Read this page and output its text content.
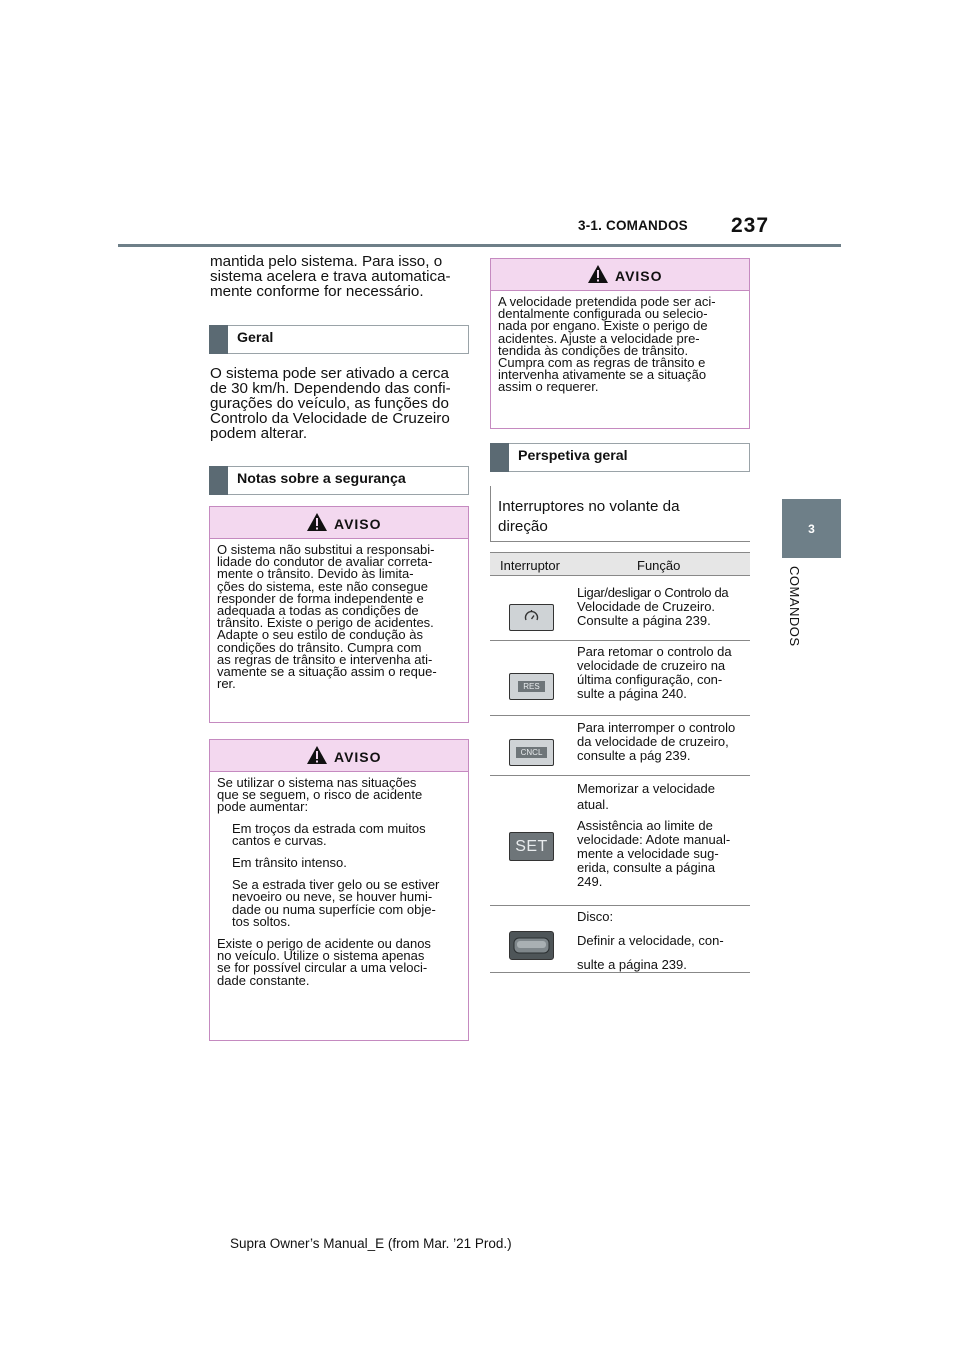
3-1. COMANDOS 237
3
COMANDOS
mantida pelo sistema. Para isso, o
sistema acelera e trava automatica-
mente conforme for necessário.
Geral
O sistema pode ser ativado a cerca
de 30 km/h. Dependendo das confi-
gurações do veículo, as funções do
Controlo da Velocidade de Cruzeiro
podem alterar.
Notas sobre a segurança
AVISO

O sistema não substitui a responsabi-

lidade do condutor de avaliar correta-

mente o trânsito. Devido às limita-

ções do sistema, este não consegue

responder de forma independente e

adequada a todas as condições de

trânsito. Existe o perigo de acidentes.

Adapte o seu estilo de condução às

condições do trânsito. Cumpra com

as regras de trânsito e intervenha ati-

vamente se a situação assim o reque-

rer.

AVISO

Se utilizar o sistema nas situações

que se seguem, o risco de acidente

pode aumentar:

Em troços da estrada com muitos

cantos e curvas.

Em trânsito intenso.

Se a estrada tiver gelo ou se estiver

nevoeiro ou neve, se houver humi-

dade ou numa superfície com obje-

tos soltos.

Existe o perigo de acidente ou danos

no veículo. Utilize o sistema apenas

se for possível circular a uma veloci-

dade constante.

AVISO

A velocidade pretendida pode ser aci-

dentalmente configurada ou selecio-

nada por engano. Existe o perigo de

acidentes. Ajuste a velocidade pre-

tendida às condições de trânsito.

Cumpra com as regras de trânsito e

intervenha ativamente se a situação

assim o requerer.

Perspetiva geral
Interruptores no volante da
direção
Interruptor	Função

Ligar/desligar o Controlo da

Velocidade de Cruzeiro.

Consulte a página 239.

RES

Para retomar o controlo da

velocidade de cruzeiro na

última configuração, con-

sulte a página 240.

CNCL

Para interromper o controlo

da velocidade de cruzeiro,

consulte a pág 239.

SET

Memorizar a velocidade

atual.

Assistência ao limite de

velocidade: Adote manual-

mente a velocidade sug-

erida, consulte a página

249.

Disco:

Definir a velocidade, con-

sulte a página 239.

Supra Owner’s Manual_E (from Mar. ’21 Prod.)
